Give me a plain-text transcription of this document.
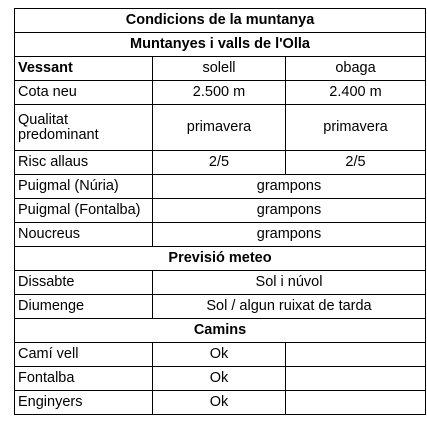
Condicions de la muntanya		
Muntanyes i valls de l'Olla		
Vessant	solell	obaga
Cota neu	2.500 m	2.400 m
Qualitat predominant	primavera	primavera
Risc allaus	2/5	2/5
Puigmal (Núria)	grampons	
Puigmal (Fontalba)	grampons	
Noucreus	grampons	
Previsió meteo		
Dissabte	Sol i núvol	
Diumenge	Sol / algun ruixat de tarda	
Camins		
Camí vell	Ok	
Fontalba	Ok	
Enginyers	Ok	
